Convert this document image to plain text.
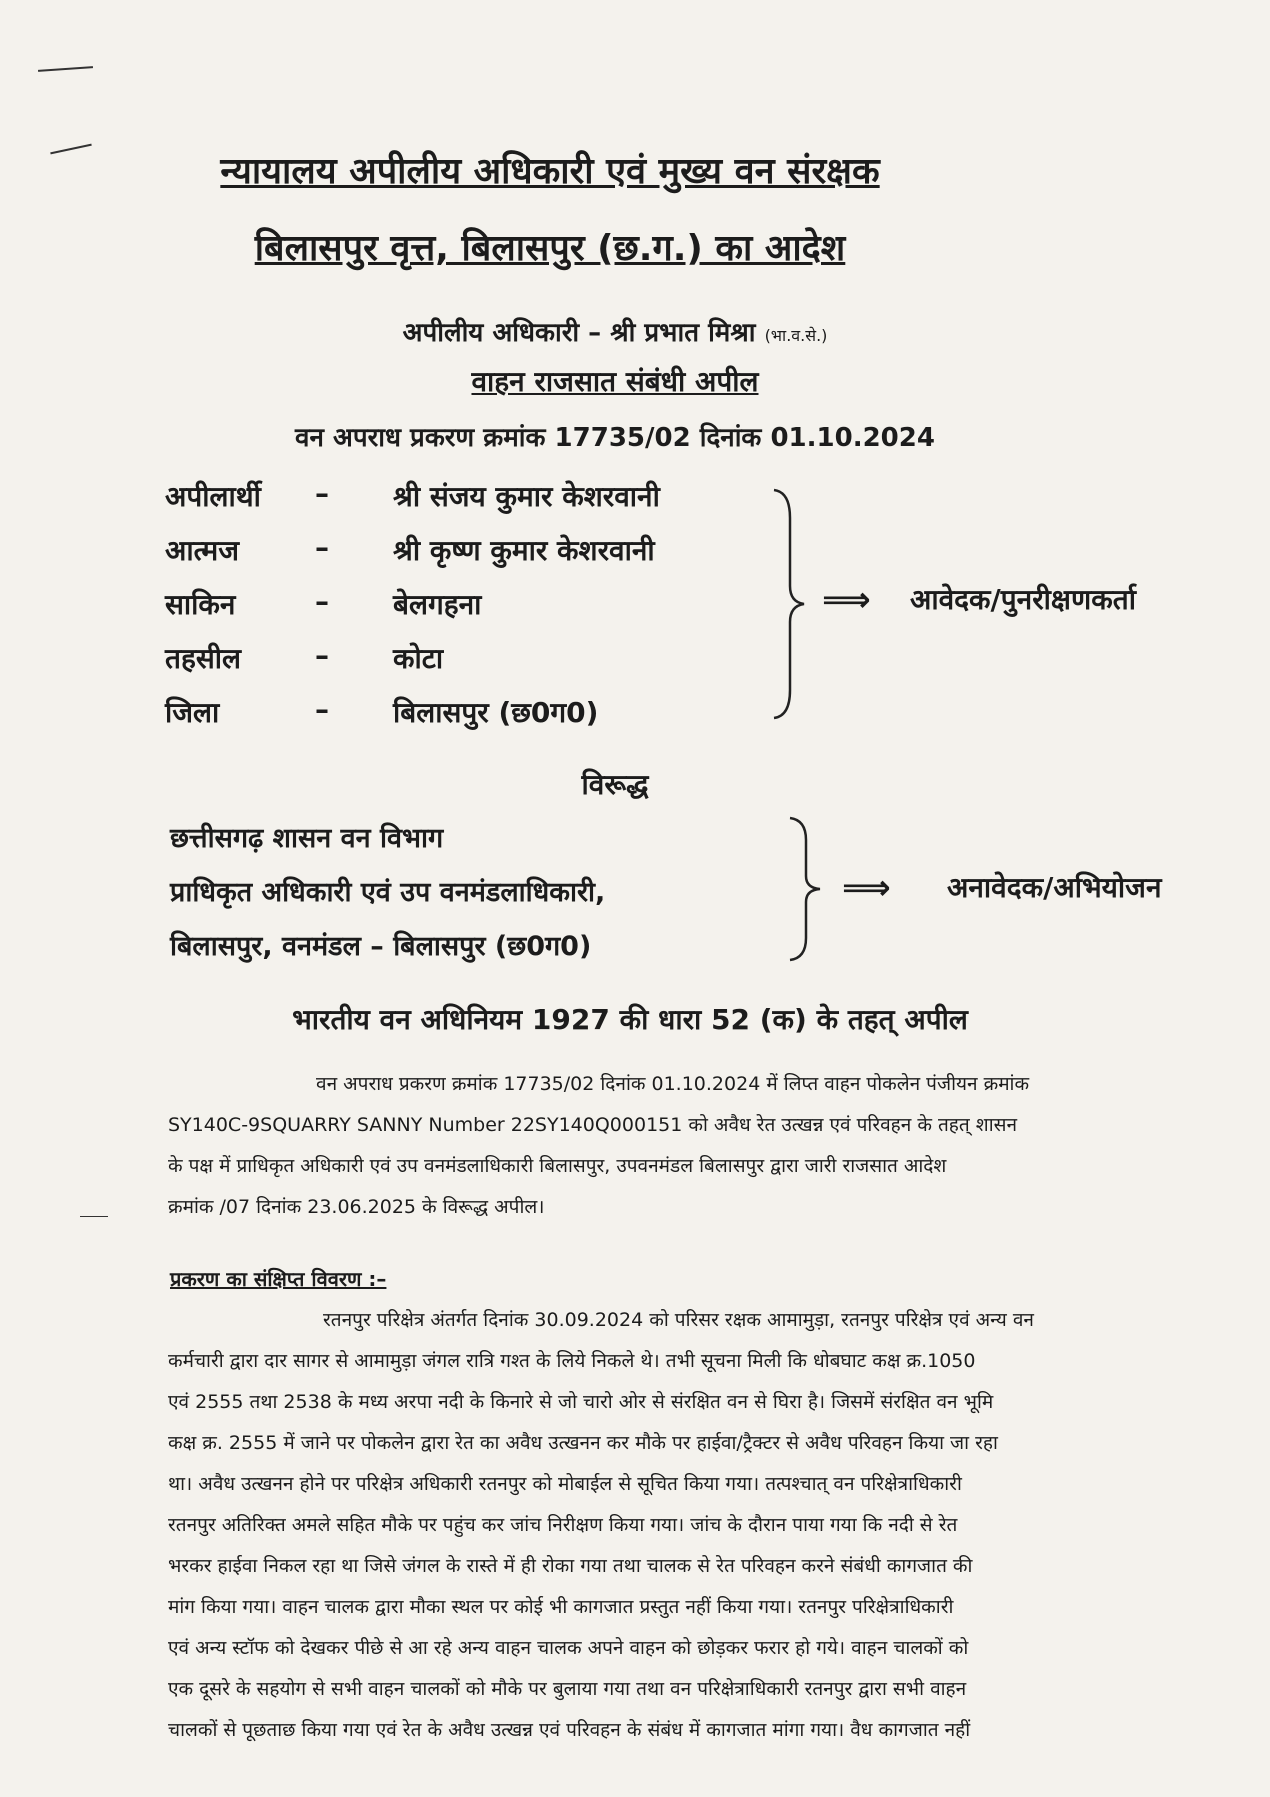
न्यायालय अपीलीय अधिकारी एवं मुख्य वन संरक्षक
बिलासपुर वृत्त, बिलासपुर (छ.ग.) का आदेश
अपीलीय अधिकारी – श्री प्रभात मिश्रा (भा.व.से.)
वाहन राजसात संबंधी अपील
वन अपराध प्रकरण क्रमांक 17735/02 दिनांक 01.10.2024
अपीलार्थी	– श्री संजय कुमार केशरवानी
आत्मज	– श्री कृष्ण कुमार केशरवानी
साकिन	– बेलगहना
तहसील	– कोटा
जिला	– बिलासपुर (छ0ग0)
⟹ आवेदक/पुनरीक्षणकर्ता
विरूद्ध
छत्तीसगढ़ शासन वन विभाग
प्राधिकृत अधिकारी एवं उप वनमंडलाधिकारी,
बिलासपुर, वनमंडल – बिलासपुर (छ0ग0)
⟹ अनावेदक/अभियोजन
भारतीय वन अधिनियम 1927 की धारा 52 (क) के तहत् अपील
वन अपराध प्रकरण क्रमांक 17735/02 दिनांक 01.10.2024 में लिप्त वाहन पोकलेन पंजीयन क्रमांक
SY140C-9SQUARRY SANNY Number 22SY140Q000151 को अवैध रेत उत्खन्न एवं परिवहन के तहत् शासन
के पक्ष में प्राधिकृत अधिकारी एवं उप वनमंडलाधिकारी बिलासपुर, उपवनमंडल बिलासपुर द्वारा जारी राजसात आदेश
क्रमांक /07 दिनांक 23.06.2025 के विरूद्ध अपील।
प्रकरण का संक्षिप्त विवरण :–
रतनपुर परिक्षेत्र अंतर्गत दिनांक 30.09.2024 को परिसर रक्षक आमामुड़ा, रतनपुर परिक्षेत्र एवं अन्य वन
कर्मचारी द्वारा दार सागर से आमामुड़ा जंगल रात्रि गश्त के लिये निकले थे। तभी सूचना मिली कि धोबघाट कक्ष क्र.1050
एवं 2555 तथा 2538 के मध्य अरपा नदी के किनारे से जो चारो ओर से संरक्षित वन से घिरा है। जिसमें संरक्षित वन भूमि
कक्ष क्र. 2555 में जाने पर पोकलेन द्वारा रेत का अवैध उत्खनन कर मौके पर हाईवा/ट्रैक्टर से अवैध परिवहन किया जा रहा
था। अवैध उत्खनन होने पर परिक्षेत्र अधिकारी रतनपुर को मोबाईल से सूचित किया गया। तत्पश्चात् वन परिक्षेत्राधिकारी
रतनपुर अतिरिक्त अमले सहित मौके पर पहुंच कर जांच निरीक्षण किया गया। जांच के दौरान पाया गया कि नदी से रेत
भरकर हाईवा निकल रहा था जिसे जंगल के रास्ते में ही रोका गया तथा चालक से रेत परिवहन करने संबंधी कागजात की
मांग किया गया। वाहन चालक द्वारा मौका स्थल पर कोई भी कागजात प्रस्तुत नहीं किया गया। रतनपुर परिक्षेत्राधिकारी
एवं अन्य स्टॉफ को देखकर पीछे से आ रहे अन्य वाहन चालक अपने वाहन को छोड़कर फरार हो गये। वाहन चालकों को
एक दूसरे के सहयोग से सभी वाहन चालकों को मौके पर बुलाया गया तथा वन परिक्षेत्राधिकारी रतनपुर द्वारा सभी वाहन
चालकों से पूछताछ किया गया एवं रेत के अवैध उत्खन्न एवं परिवहन के संबंध में कागजात मांगा गया। वैध कागजात नहीं
